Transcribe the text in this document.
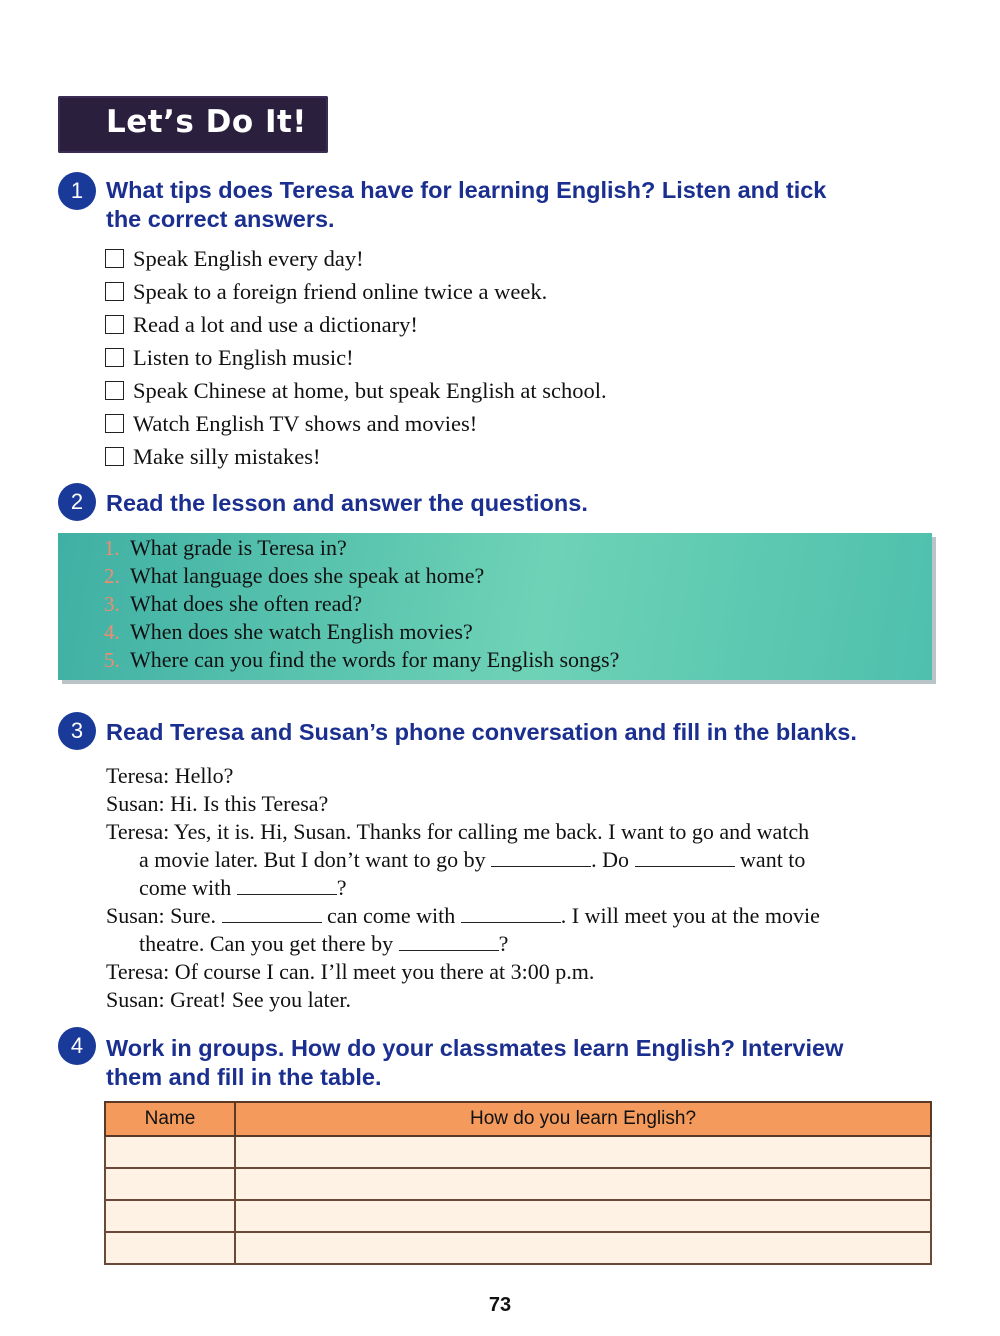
Let’s Do It!
1 What tips does Teresa have for learning English? Listen and tick
the correct answers.
Speak English every day!
Speak to a foreign friend online twice a week.
Read a lot and use a dictionary!
Listen to English music!
Speak Chinese at home, but speak English at school.
Watch English TV shows and movies!
Make silly mistakes!
2 Read the lesson and answer the questions.
1. What grade is Teresa in?
2. What language does she speak at home?
3. What does she often read?
4. When does she watch English movies?
5. Where can you find the words for many English songs?
3 Read Teresa and Susan’s phone conversation and fill in the blanks.

Teresa: Hello?

Susan: Hi. Is this Teresa?

Teresa: Yes, it is. Hi, Susan. Thanks for calling me back. I want to go and watch

a movie later. But I don’t want to go by	. Do	want to

come with	?

Susan: Sure.	can come with	. I will meet you at the movie

theatre. Can you get there by	?

Teresa: Of course I can. I’ll meet you there at 3:00 p.m.

Susan: Great! See you later.

4 Work in groups. How do your classmates learn English? Interview
them and fill in the table.
Name	How do you learn English?

73
